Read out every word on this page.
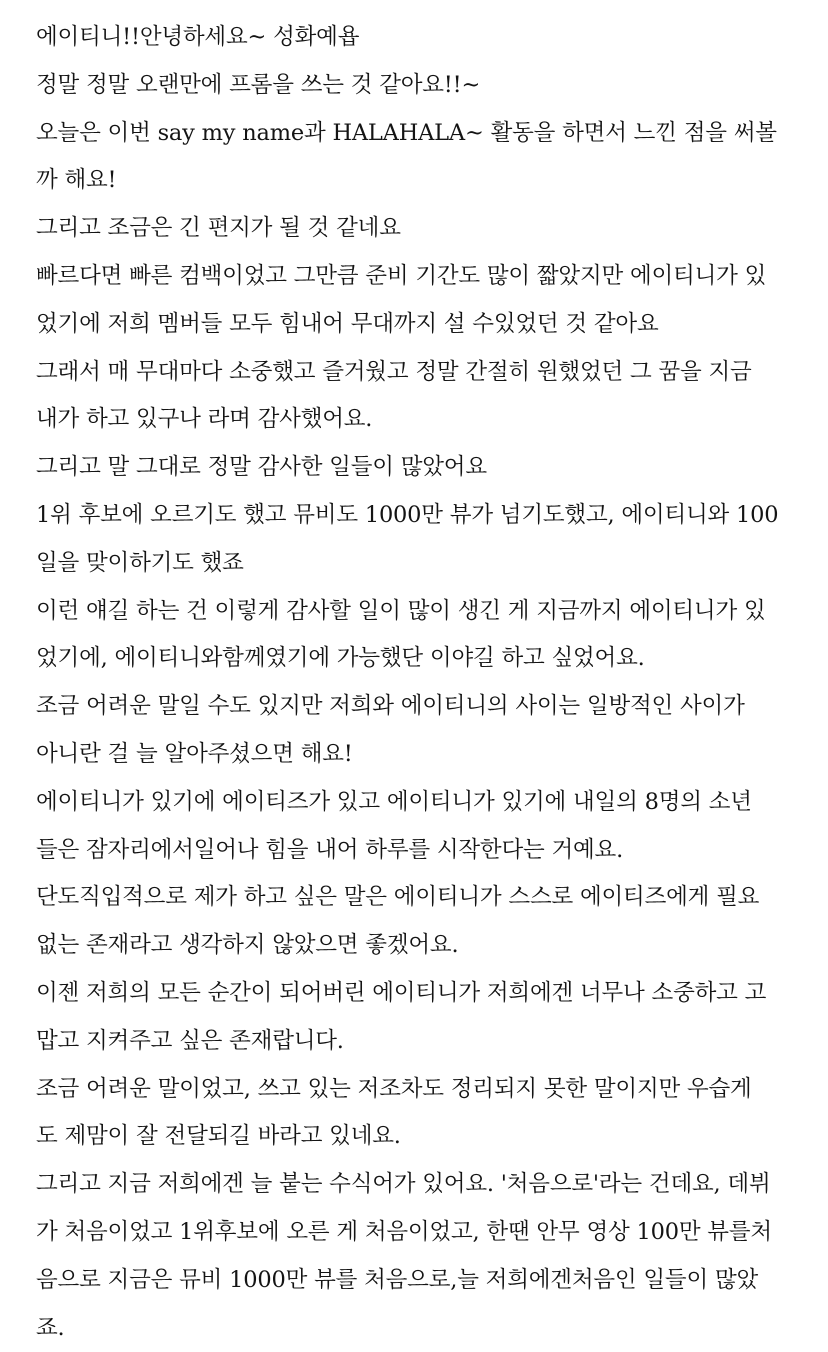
에이티니!!안녕하세요~ 성화예욥
정말 정말 오랜만에 프롬을 쓰는 것 같아요!!~
오늘은 이번 say my name과 HALAHALA~ 활동을 하면서 느낀 점을 써볼
까 해요!
그리고 조금은 긴 편지가 될 것 같네요
빠르다면 빠른 컴백이었고 그만큼 준비 기간도 많이 짧았지만 에이티니가 있
었기에 저희 멤버들 모두 힘내어 무대까지 설 수있었던 것 같아요
그래서 매 무대마다 소중했고 즐거웠고 정말 간절히 원했었던 그 꿈을 지금
내가 하고 있구나 라며 감사했어요.
그리고 말 그대로 정말 감사한 일들이 많았어요
1위 후보에 오르기도 했고 뮤비도 1000만 뷰가 넘기도했고, 에이티니와 100
일을 맞이하기도 했죠
이런 얘길 하는 건 이렇게 감사할 일이 많이 생긴 게 지금까지 에이티니가 있
었기에, 에이티니와함께였기에 가능했단 이야길 하고 싶었어요.
조금 어려운 말일 수도 있지만 저희와 에이티니의 사이는 일방적인 사이가
아니란 걸 늘 알아주셨으면 해요!
에이티니가 있기에 에이티즈가 있고 에이티니가 있기에 내일의 8명의 소년
들은 잠자리에서일어나 힘을 내어 하루를 시작한다는 거예요.
단도직입적으로 제가 하고 싶은 말은 에이티니가 스스로 에이티즈에게 필요
없는 존재라고 생각하지 않았으면 좋겠어요.
이젠 저희의 모든 순간이 되어버린 에이티니가 저희에겐 너무나 소중하고 고
맙고 지켜주고 싶은 존재랍니다.
조금 어려운 말이었고, 쓰고 있는 저조차도 정리되지 못한 말이지만 우습게
도 제맘이 잘 전달되길 바라고 있네요.
그리고 지금 저희에겐 늘 붙는 수식어가 있어요. '처음으로'라는 건데요, 데뷔
가 처음이었고 1위후보에 오른 게 처음이었고, 한땐 안무 영상 100만 뷰를처
음으로 지금은 뮤비 1000만 뷰를 처음으로,늘 저희에겐처음인 일들이 많았
죠.
